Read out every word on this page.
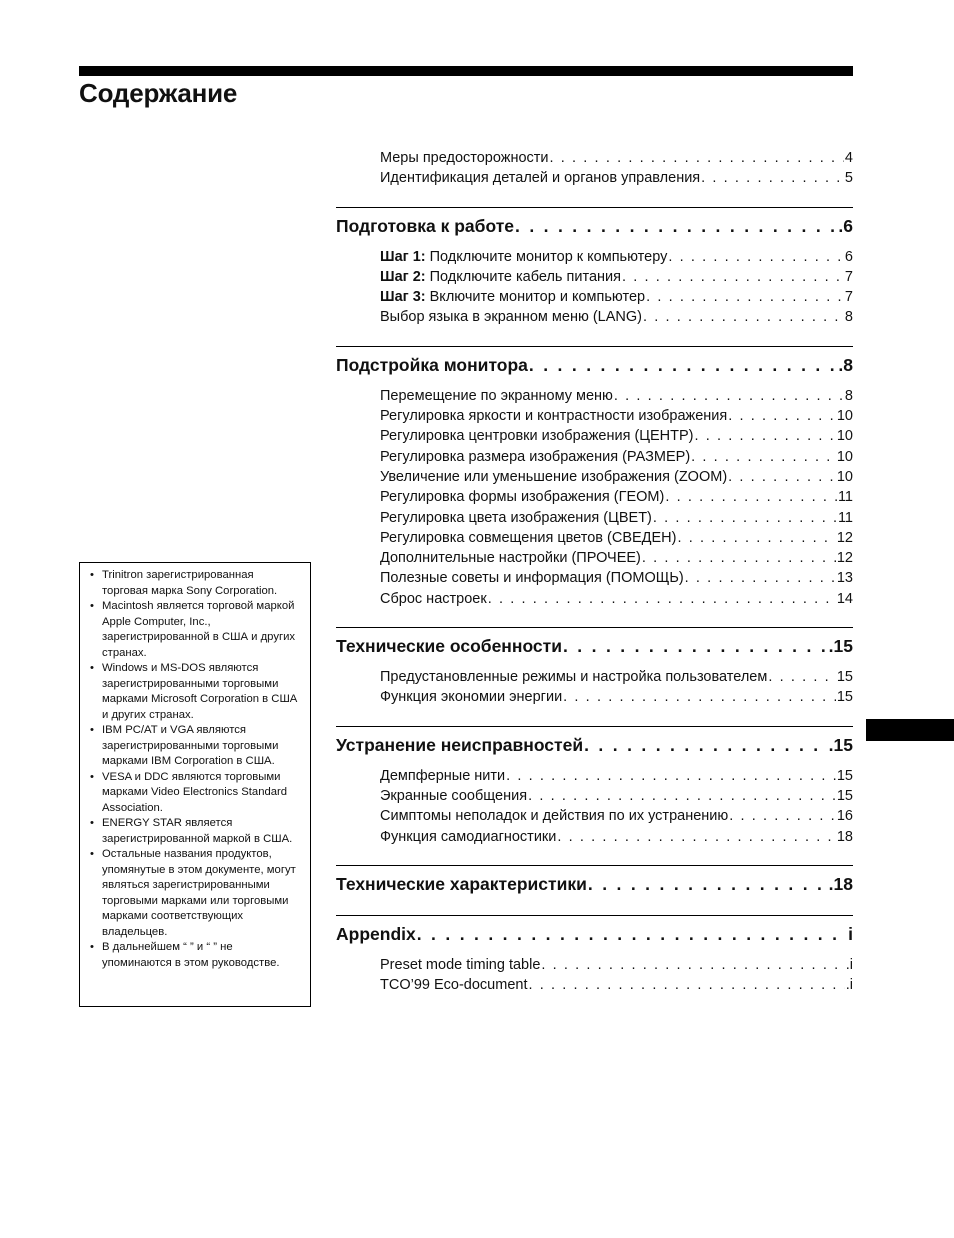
Содержание
Меры предосторожности . . .	4
Идентификация деталей и органов управления . . .	5
Подготовка к работе . . .	.6
Шаг 1: Подключите монитор к компьютеру . . .	6
Шаг 2: Подключите кабель питания . . .	7
Шаг 3: Включите монитор и компьютер . . .	7
Выбор языка в экранном меню (LANG) . . .	8
Подстройка монитора . . .	.8
Перемещение по экранному меню . . .	8
Регулировка яркости и контрастности изображения . . .	10
Регулировка центровки изображения (ЦЕНТР) . . .	10
Регулировка размера изображения (РАЗМЕР) . . .	10
Увеличение или уменьшение изображения (ZOOM) . . .	10
Регулировка формы изображения (ГЕОМ) . . .	11
Регулировка цвета изображения (ЦВЕТ) . . .	11
Регулировка совмещения цветов (СВЕДЕН) . . .	12
Дополнительные настройки (ПРОЧЕЕ) . . .	12
Полезные советы и информация (ПОМОЩЬ) . . .	13
Сброс настроек . . .	14
Технические особенности . . .	.15
Предустановленные режимы и настройка пользователем . . .	15
Функция экономии энергии . . .	15
Устранение неисправностей . . .	.15
Демпферные нити . . .	15
Экранные сообщения . . .	15
Симптомы неполадок и действия по их устранению . . .	16
Функция самодиагностики . . .	18
Технические характеристики . . .	.18
Appendix . . .	i
Preset mode timing table . . .	.i
TCO’99 Eco-document . . .	.i
• Trinitron зарегистрированная торговая марка Sony Corporation.
• Macintosh является торговой маркой Apple Computer, Inc., зарегистрированной в США и других странах.
• Windows и MS-DOS являются зарегистрированными торговыми марками Microsoft Corporation в США и других странах.
• IBM PC/AT и VGA являются зарегистрированными торговыми марками IBM Corporation в США.
• VESA и DDC являются торговыми марками Video Electronics Standard Association.
• ENERGY STAR является зарегистрированной маркой в США.
• Остальные названия продуктов, упомянутые в этом документе, могут являться зарегистрированными торговыми марками или торговыми марками соответствующих владельцев.
• В дальнейшем “ ” и “ ” не упоминаются в этом руководстве.
